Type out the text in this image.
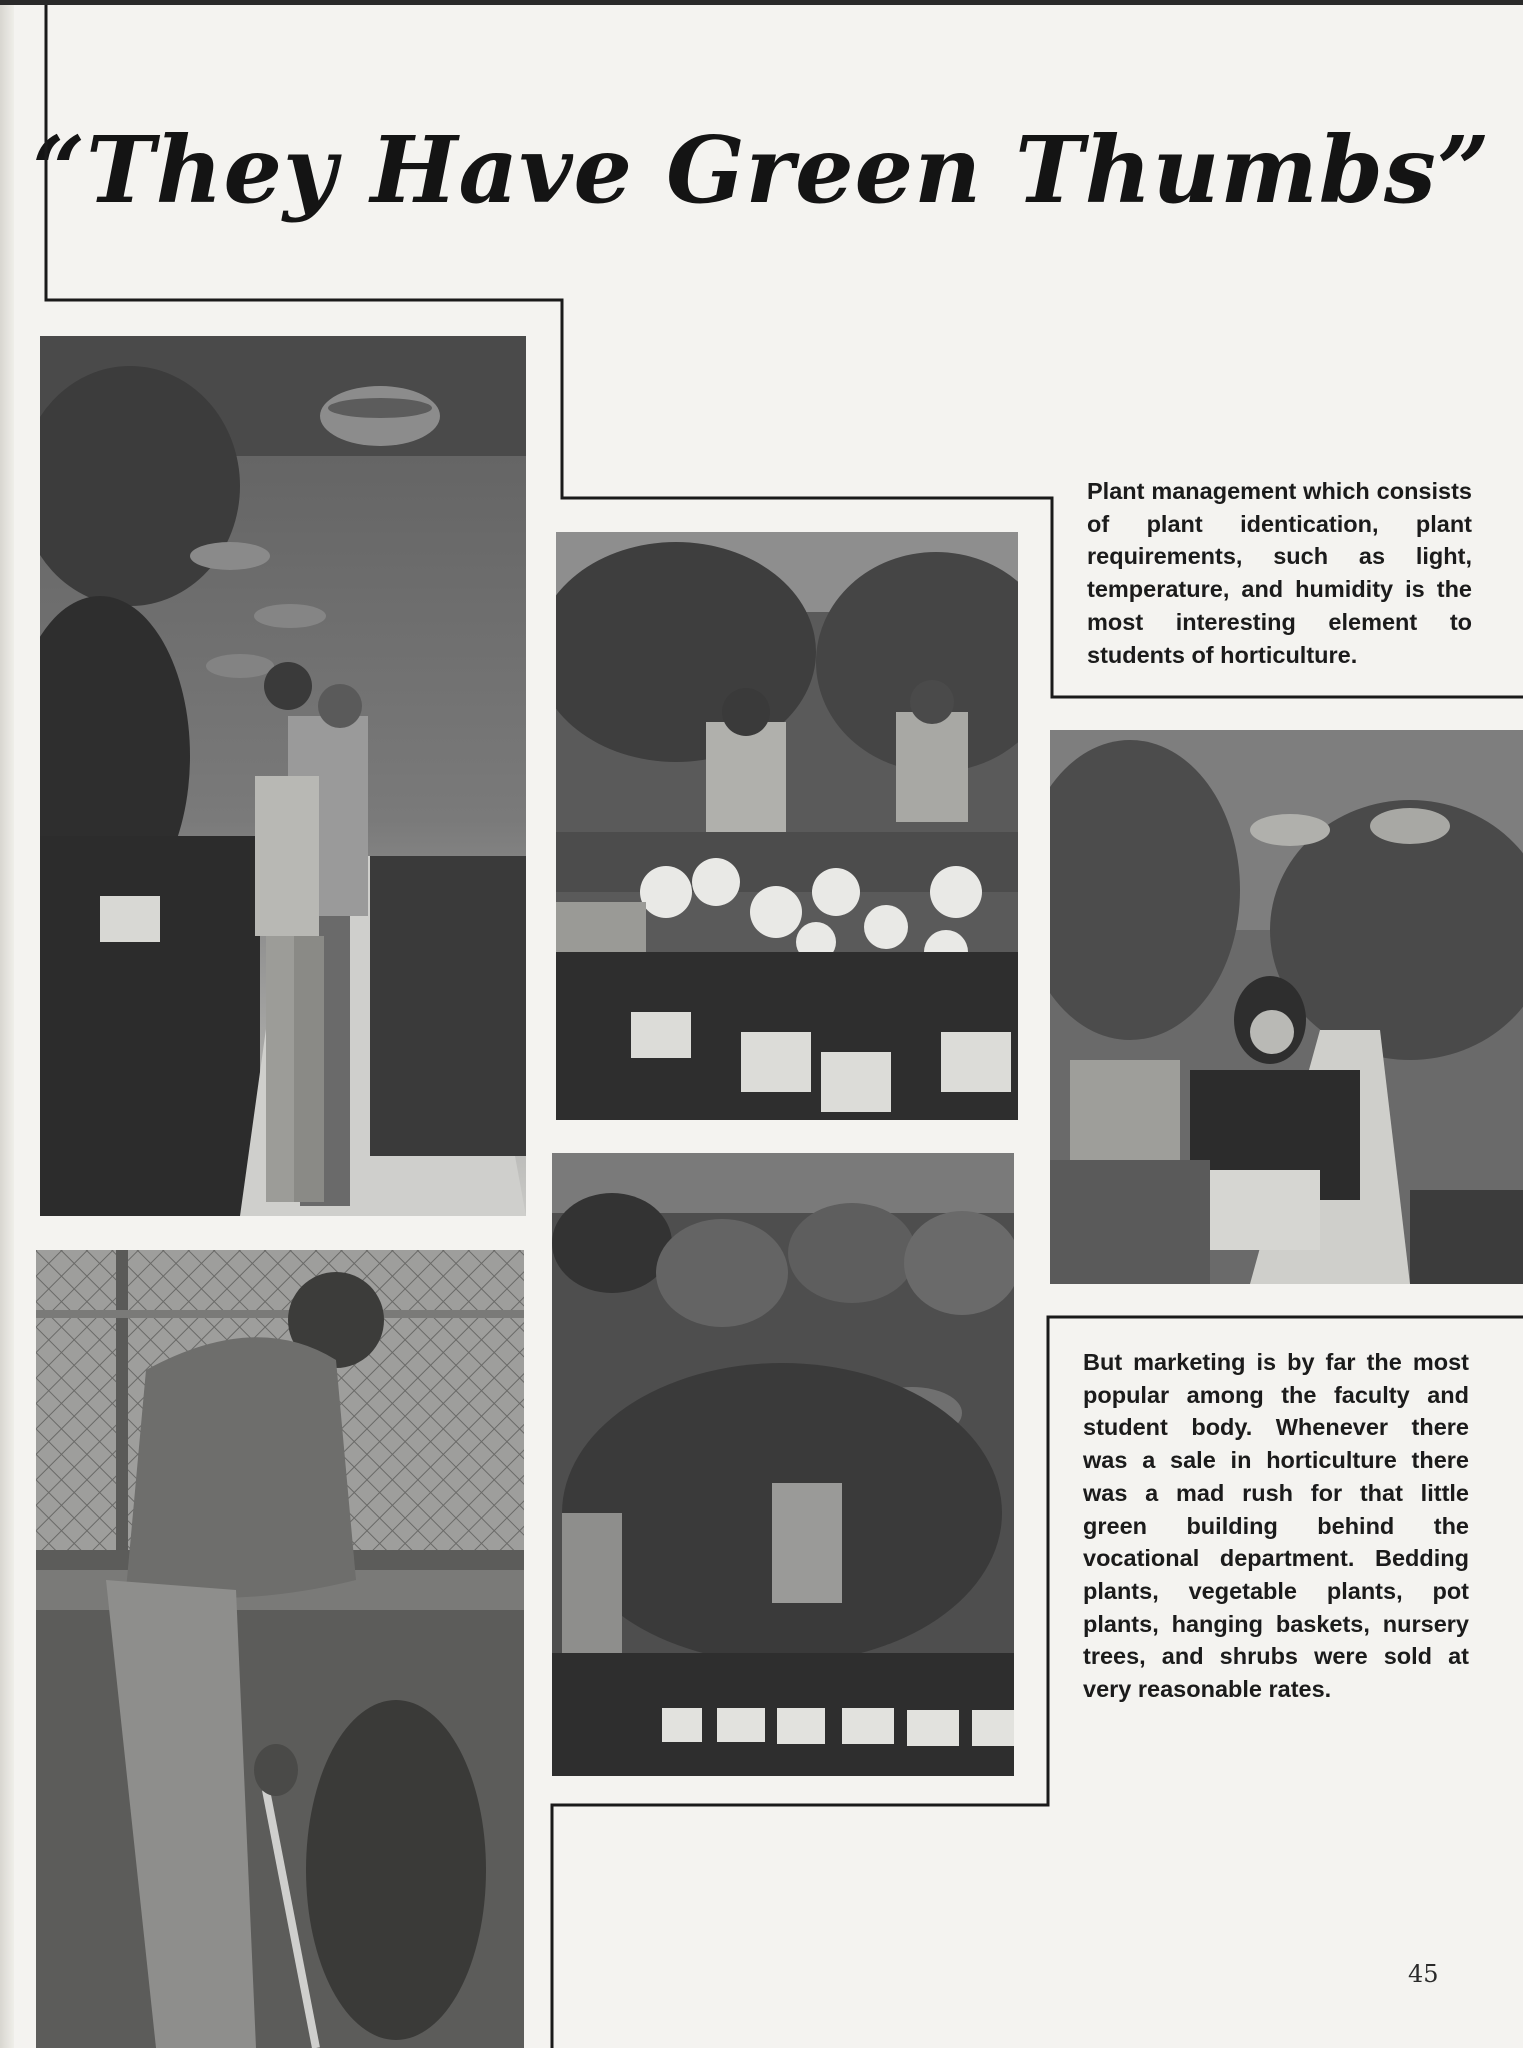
“They Have Green Thumbs”

Plant management which consists of plant identication, plant requirements, such as light, temperature, and humidity is the most interesting element to students of horticulture.

But marketing is by far the most popular among the faculty and student body. Whenever there was a sale in horticulture there was a mad rush for that little green building behind the vocational department. Bedding plants, vegetable plants, pot plants, hanging baskets, nursery trees, and shrubs were sold at very reasonable rates.

45
